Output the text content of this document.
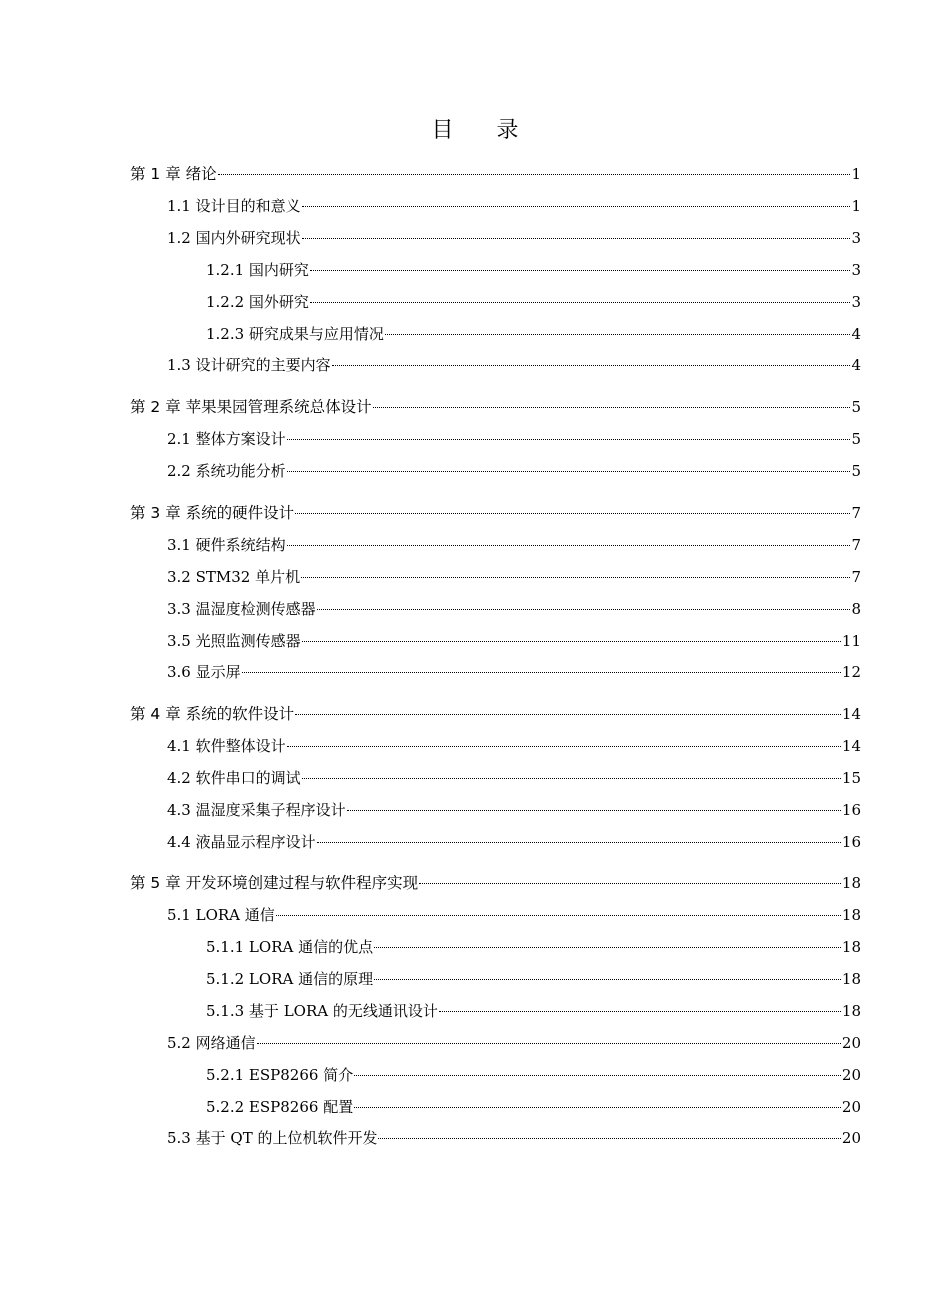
目 录
第 1 章 绪论	1
1.1 设计目的和意义	1
1.2 国内外研究现状	3
1.2.1 国内研究	3
1.2.2 国外研究	3
1.2.3 研究成果与应用情况	4
1.3 设计研究的主要内容	4
第 2 章 苹果果园管理系统总体设计	5
2.1 整体方案设计	5
2.2 系统功能分析	5
第 3 章 系统的硬件设计	7
3.1 硬件系统结构	7
3.2 STM32 单片机	7
3.3 温湿度检测传感器	8
3.5 光照监测传感器	11
3.6 显示屏	12
第 4 章 系统的软件设计	14
4.1 软件整体设计	14
4.2 软件串口的调试	15
4.3 温湿度采集子程序设计	16
4.4 液晶显示程序设计	16
第 5 章 开发环境创建过程与软件程序实现	18
5.1 LORA 通信	18
5.1.1 LORA 通信的优点	18
5.1.2 LORA 通信的原理	18
5.1.3 基于 LORA 的无线通讯设计	18
5.2 网络通信	20
5.2.1 ESP8266 简介	20
5.2.2 ESP8266 配置	20
5.3 基于 QT 的上位机软件开发	20
